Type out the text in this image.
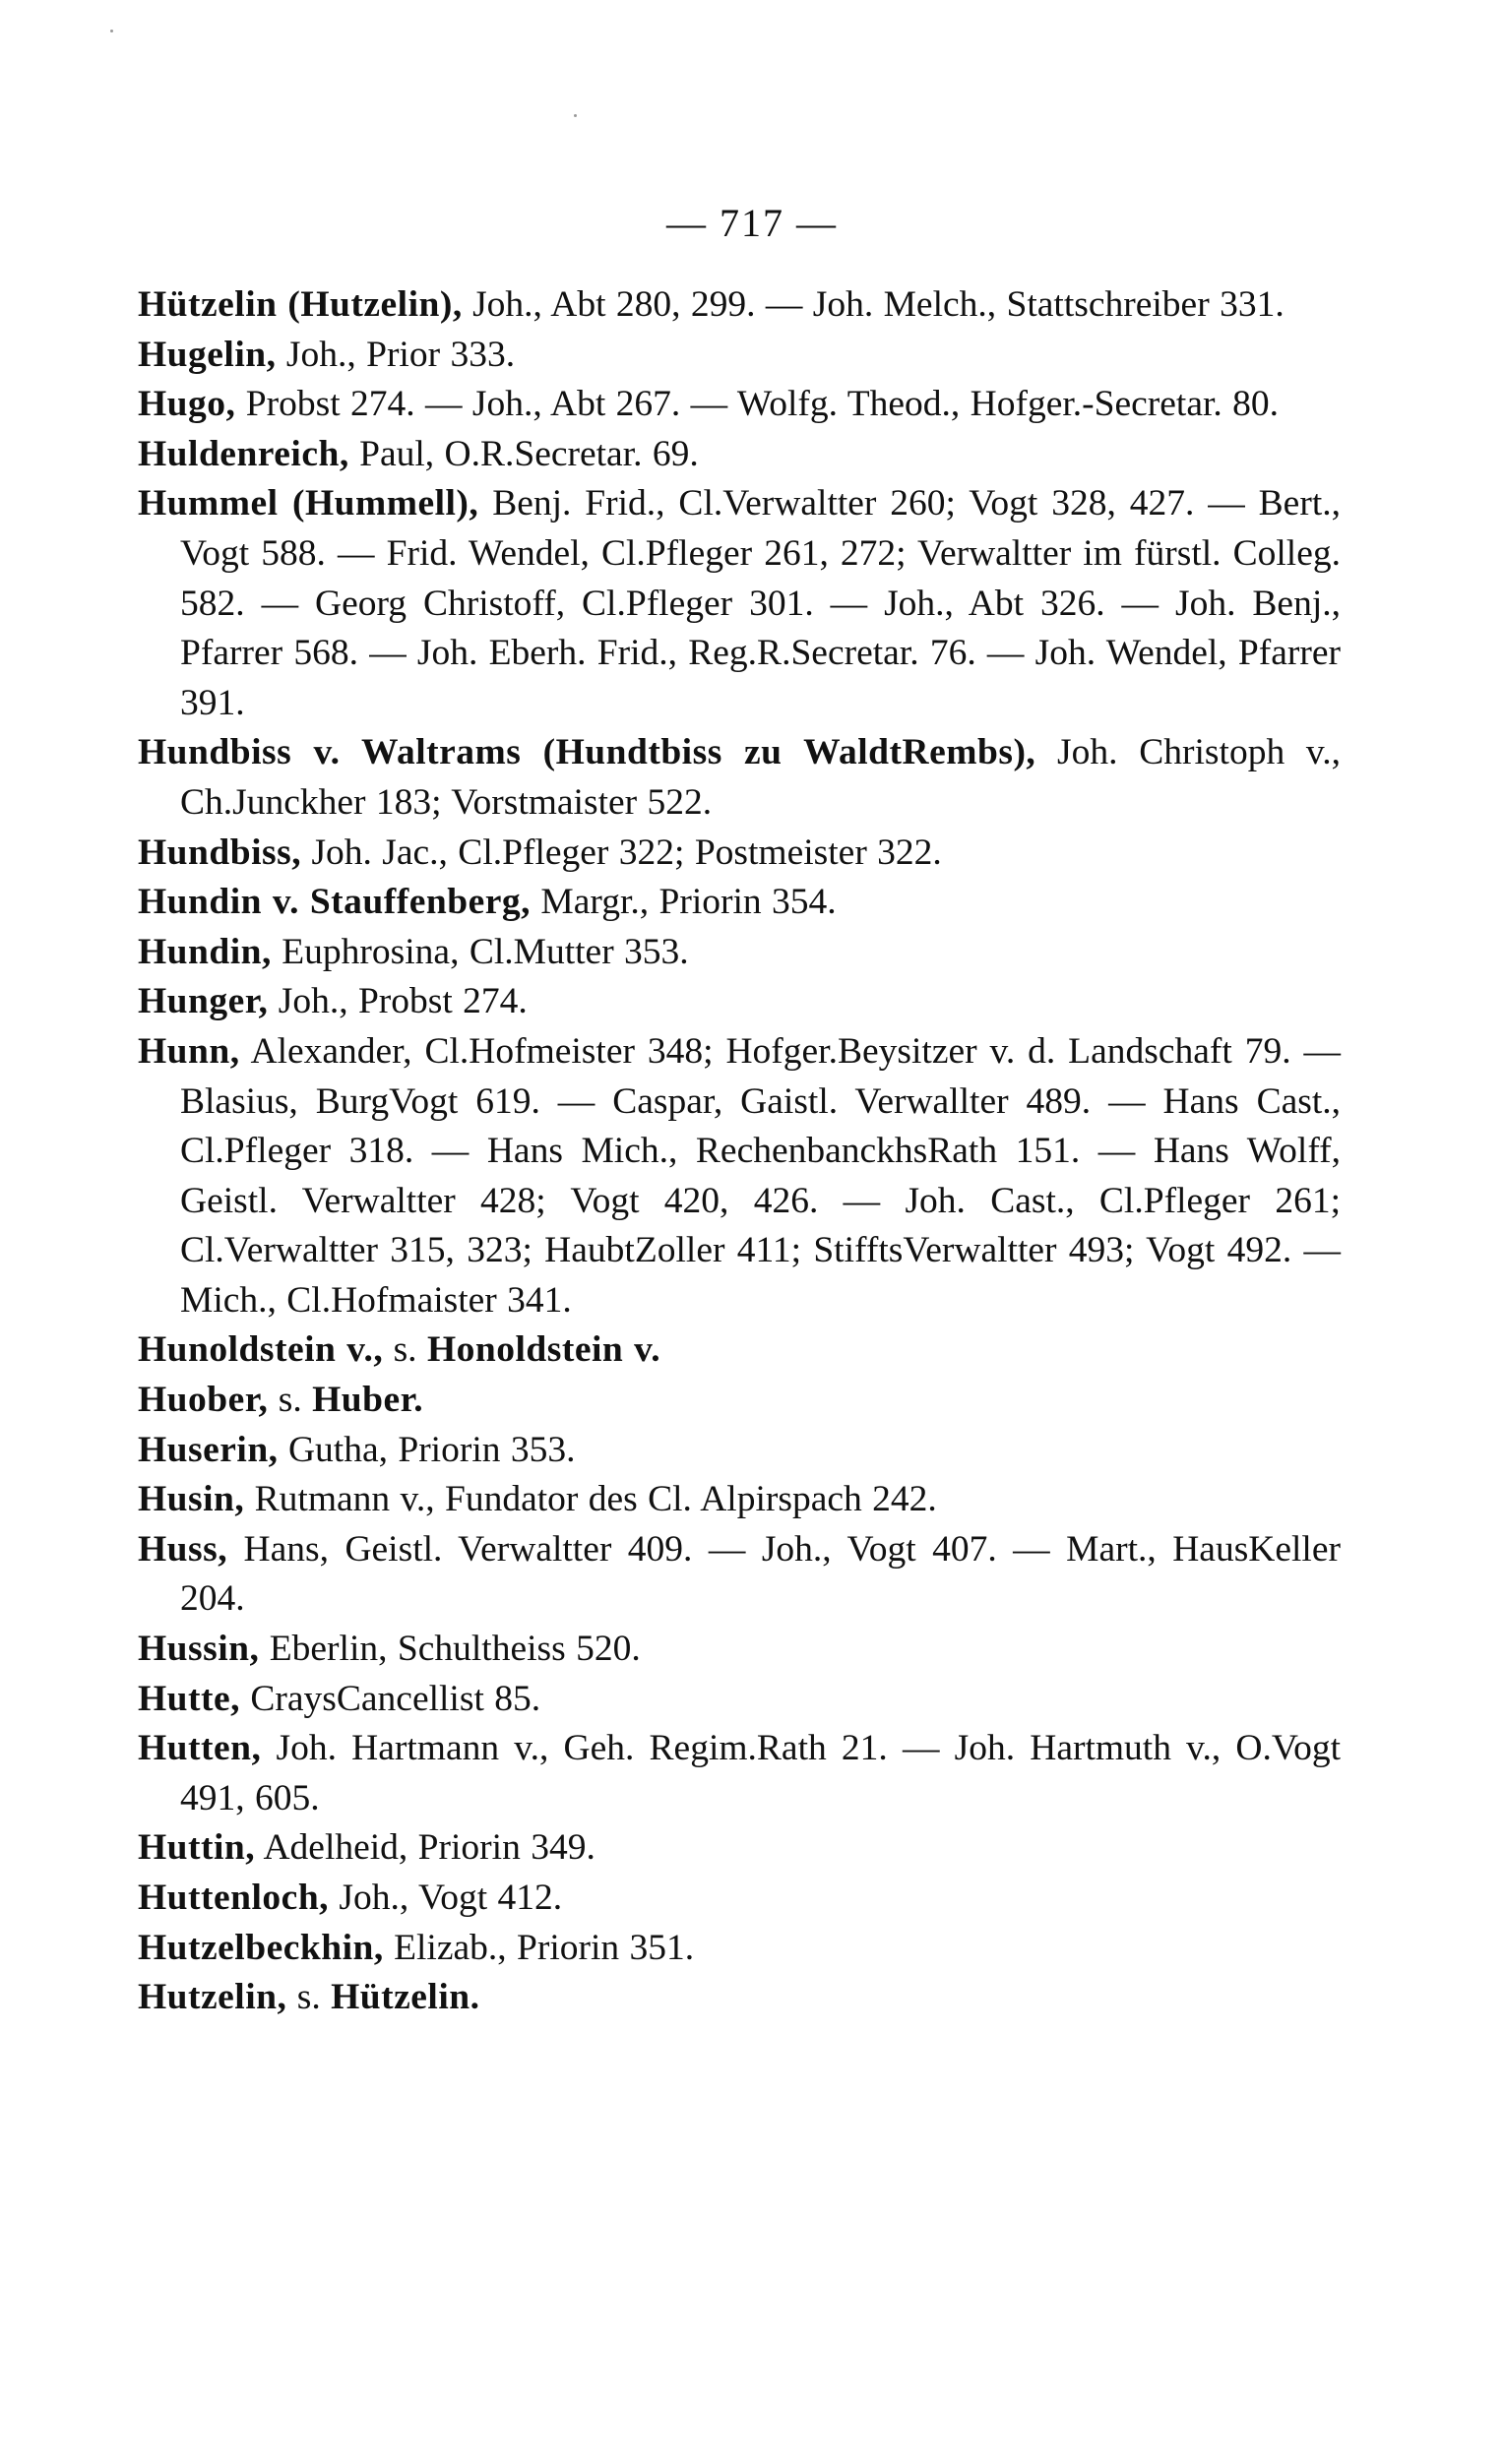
— 717 —
Hützelin (Hutzelin), Joh., Abt 280, 299. — Joh. Melch., Stattschreiber 331.
Hugelin, Joh., Prior 333.
Hugo, Probst 274. — Joh., Abt 267. — Wolfg. Theod., Hofger.-Secretar. 80.
Huldenreich, Paul, O.R.Secretar. 69.
Hummel (Hummell), Benj. Frid., Cl.Verwaltter 260; Vogt 328, 427. — Bert., Vogt 588. — Frid. Wendel, Cl.Pfleger 261, 272; Verwaltter im fürstl. Colleg. 582. — Georg Christoff, Cl.Pfleger 301. — Joh., Abt 326. — Joh. Benj., Pfarrer 568. — Joh. Eberh. Frid., Reg.R.Secretar. 76. — Joh. Wendel, Pfarrer 391.
Hundbiss v. Waltrams (Hundtbiss zu WaldtRembs), Joh. Christoph v., Ch.Junckher 183; Vorstmaister 522.
Hundbiss, Joh. Jac., Cl.Pfleger 322; Postmeister 322.
Hundin v. Stauffenberg, Margr., Priorin 354.
Hundin, Euphrosina, Cl.Mutter 353.
Hunger, Joh., Probst 274.
Hunn, Alexander, Cl.Hofmeister 348; Hofger.Beysitzer v. d. Landschaft 79. — Blasius, BurgVogt 619. — Caspar, Gaistl. Verwallter 489. — Hans Cast., Cl.Pfleger 318. — Hans Mich., RechenbanckhsRath 151. — Hans Wolff, Geistl. Verwaltter 428; Vogt 420, 426. — Joh. Cast., Cl.Pfleger 261; Cl.Verwaltter 315, 323; HaubtZoller 411; StifftsVerwaltter 493; Vogt 492. — Mich., Cl.Hofmaister 341.
Hunoldstein v., s. Honoldstein v.
Huober, s. Huber.
Huserin, Gutha, Priorin 353.
Husin, Rutmann v., Fundator des Cl. Alpirspach 242.
Huss, Hans, Geistl. Verwaltter 409. — Joh., Vogt 407. — Mart., HausKeller 204.
Hussin, Eberlin, Schultheiss 520.
Hutte, CraysCancellist 85.
Hutten, Joh. Hartmann v., Geh. Regim.Rath 21. — Joh. Hartmuth v., O.Vogt 491, 605.
Huttin, Adelheid, Priorin 349.
Huttenloch, Joh., Vogt 412.
Hutzelbeckhin, Elizab., Priorin 351.
Hutzelin, s. Hützelin.
